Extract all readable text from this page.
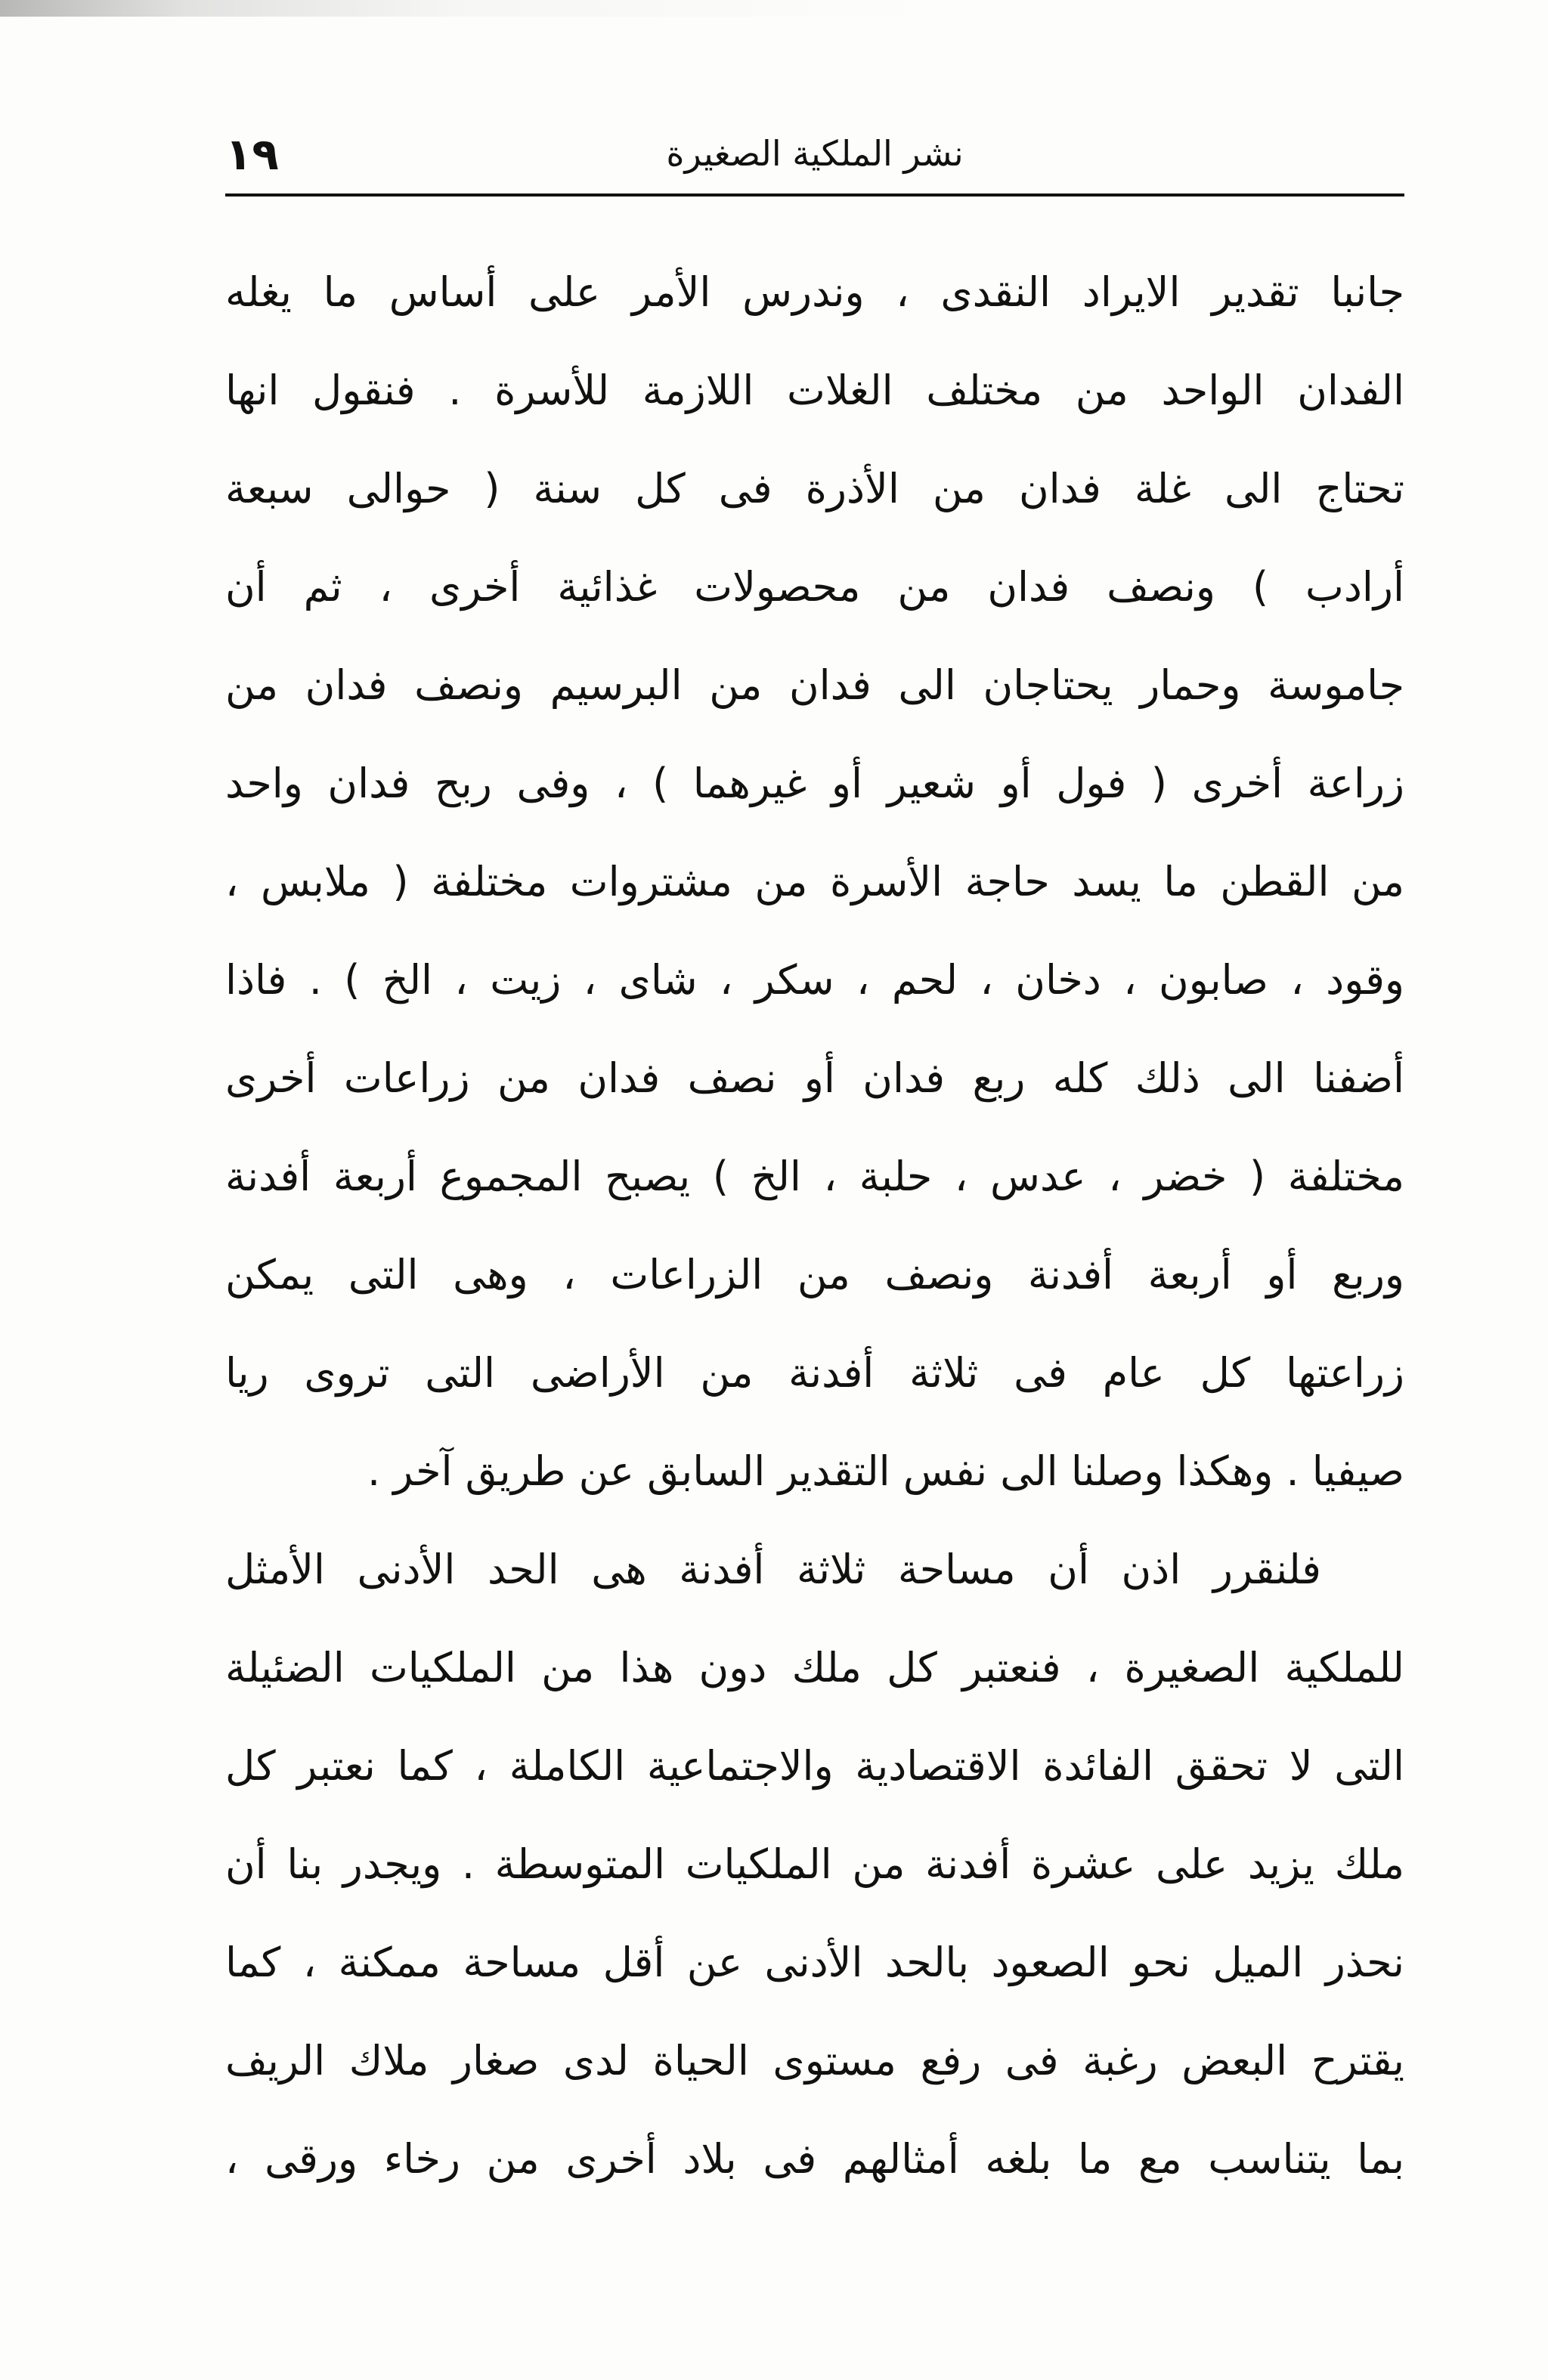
١٩	نشر الملكية الصغيرة
جانبا تقدير الايراد النقدى ، وندرس الأمر على أساس ما يغله
الفدان الواحد من مختلف الغلات اللازمة للأسرة . فنقول انها
تحتاج الى غلة فدان من الأذرة فى كل سنة ( حوالى سبعة
أرادب ) ونصف فدان من محصولات غذائية أخرى ، ثم أن
جاموسة وحمار يحتاجان الى فدان من البرسيم ونصف فدان من
زراعة أخرى ( فول أو شعير أو غيرهما ) ، وفى ربح فدان واحد
من القطن ما يسد حاجة الأسرة من مشتروات مختلفة ( ملابس ،
وقود ، صابون ، دخان ، لحم ، سكر ، شاى ، زيت ، الخ ) . فاذا
أضفنا الى ذلك كله ربع فدان أو نصف فدان من زراعات أخرى
مختلفة ( خضر ، عدس ، حلبة ، الخ ) يصبح المجموع أربعة أفدنة
وربع أو أربعة أفدنة ونصف من الزراعات ، وهى التى يمكن
زراعتها كل عام فى ثلاثة أفدنة من الأراضى التى تروى ريا
صيفيا . وهكذا وصلنا الى نفس التقدير السابق عن طريق آخر .
فلنقرر اذن أن مساحة ثلاثة أفدنة هى الحد الأدنى الأمثل
للملكية الصغيرة ، فنعتبر كل ملك دون هذا من الملكيات الضئيلة
التى لا تحقق الفائدة الاقتصادية والاجتماعية الكاملة ، كما نعتبر كل
ملك يزيد على عشرة أفدنة من الملكيات المتوسطة . ويجدر بنا أن
نحذر الميل نحو الصعود بالحد الأدنى عن أقل مساحة ممكنة ، كما
يقترح البعض رغبة فى رفع مستوى الحياة لدى صغار ملاك الريف
بما يتناسب مع ما بلغه أمثالهم فى بلاد أخرى من رخاء ورقى ،
